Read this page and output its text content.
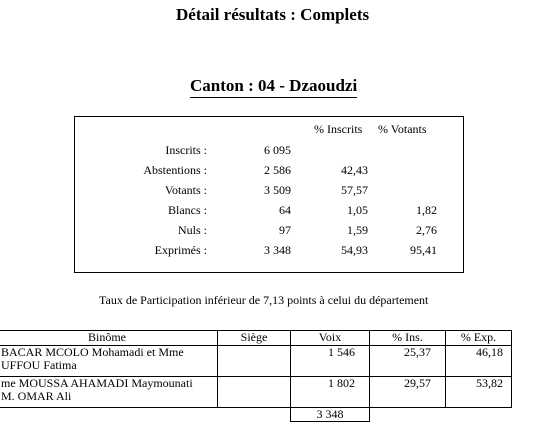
Détail résultats : Complets
Canton : 04 - Dzaoudzi
% Inscrits % Votants
Inscrits :	6 095
Abstentions :	2 586	42,43
Votants :	3 509	57,57
Blancs :	64	1,05	1,82
Nuls :	97	1,59	2,76
Exprimés :	3 348	54,93	95,41
Taux de Participation inférieur de 7,13 points à celui du département
Binôme	Siège	Voix	% Ins.	% Exp.
BACAR MCOLO Mohamadi et Mme
UFFOU Fatima		1 546	25,37	46,18
me MOUSSA AHAMADI Maymounati
M. OMAR Ali		1 802	29,57	53,82
		3 348		
